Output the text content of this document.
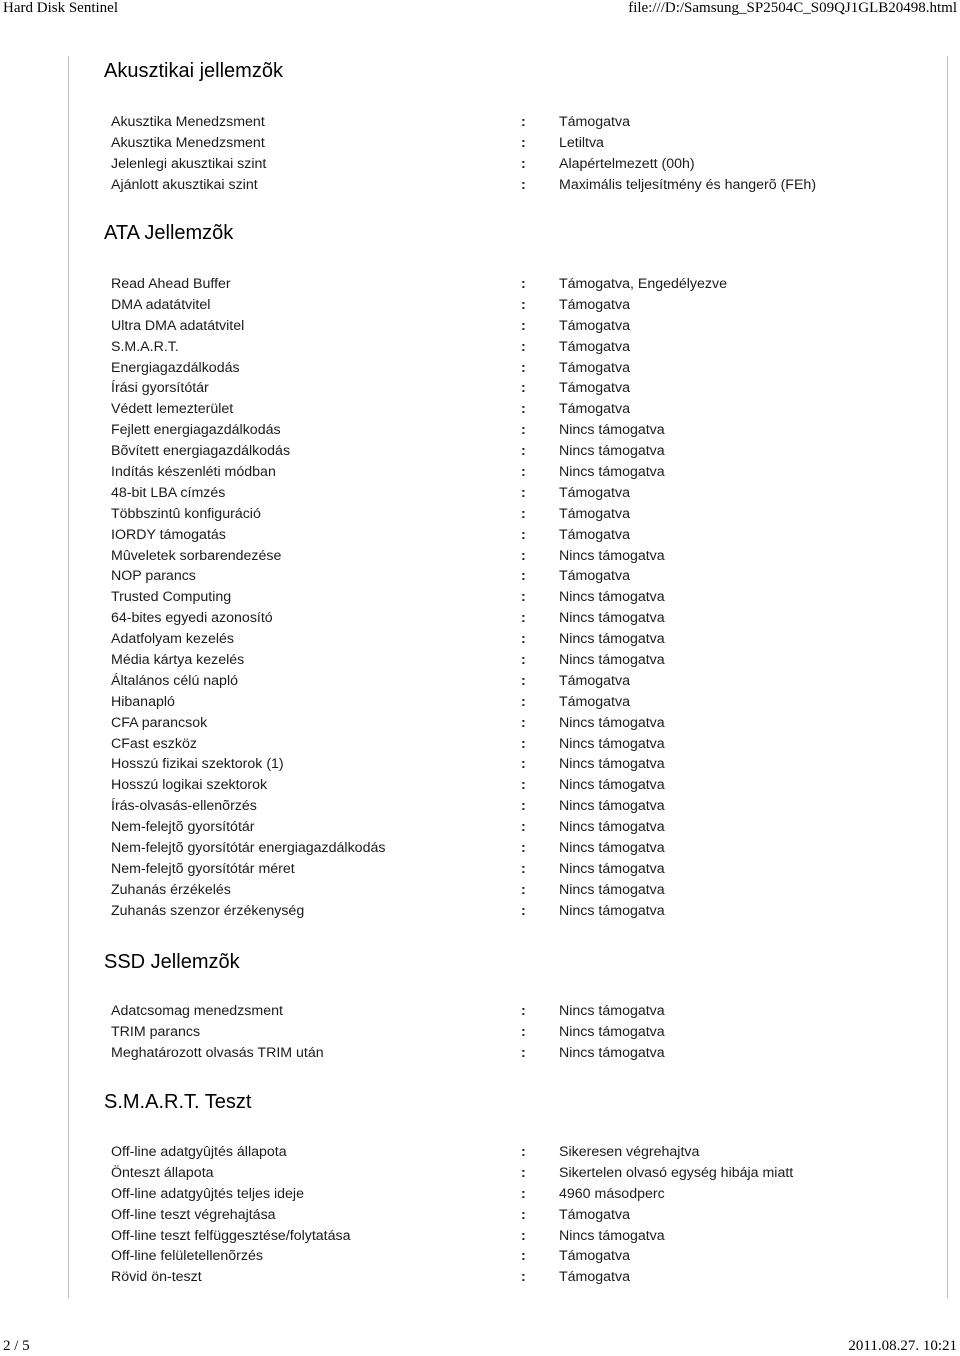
Hard Disk Sentinel	file:///D:/Samsung_SP2504C_S09QJ1GLB20498.html
Akusztikai jellemzõk
Akusztika Menedzsment	: Támogatva
Akusztika Menedzsment	: Letiltva
Jelenlegi akusztikai szint	: Alapértelmezett (00h)
Ajánlott akusztikai szint	: Maximális teljesítmény és hangerõ (FEh)
ATA Jellemzõk
Read Ahead Buffer	: Támogatva, Engedélyezve
DMA adatátvitel	: Támogatva
Ultra DMA adatátvitel	: Támogatva
S.M.A.R.T.	: Támogatva
Energiagazdálkodás	: Támogatva
Írási gyorsítótár	: Támogatva
Védett lemezterület	: Támogatva
Fejlett energiagazdálkodás	: Nincs támogatva
Bõvített energiagazdálkodás	: Nincs támogatva
Indítás készenléti módban	: Nincs támogatva
48-bit LBA címzés	: Támogatva
Többszintû konfiguráció	: Támogatva
IORDY támogatás	: Támogatva
Mûveletek sorbarendezése	: Nincs támogatva
NOP parancs	: Támogatva
Trusted Computing	: Nincs támogatva
64-bites egyedi azonosító	: Nincs támogatva
Adatfolyam kezelés	: Nincs támogatva
Média kártya kezelés	: Nincs támogatva
Általános célú napló	: Támogatva
Hibanapló	: Támogatva
CFA parancsok	: Nincs támogatva
CFast eszköz	: Nincs támogatva
Hosszú fizikai szektorok (1)	: Nincs támogatva
Hosszú logikai szektorok	: Nincs támogatva
Írás-olvasás-ellenõrzés	: Nincs támogatva
Nem-felejtõ gyorsítótár	: Nincs támogatva
Nem-felejtõ gyorsítótár energiagazdálkodás	: Nincs támogatva
Nem-felejtõ gyorsítótár méret	: Nincs támogatva
Zuhanás érzékelés	: Nincs támogatva
Zuhanás szenzor érzékenység	: Nincs támogatva
SSD Jellemzõk
Adatcsomag menedzsment	: Nincs támogatva
TRIM parancs	: Nincs támogatva
Meghatározott olvasás TRIM után	: Nincs támogatva
S.M.A.R.T. Teszt
Off-line adatgyûjtés állapota	: Sikeresen végrehajtva
Önteszt állapota	: Sikertelen olvasó egység hibája miatt
Off-line adatgyûjtés teljes ideje	: 4960 másodperc
Off-line teszt végrehajtása	: Támogatva
Off-line teszt felfüggesztése/folytatása	: Nincs támogatva
Off-line felületellenõrzés	: Támogatva
Rövid ön-teszt	: Támogatva
2 / 5	2011.08.27. 10:21
